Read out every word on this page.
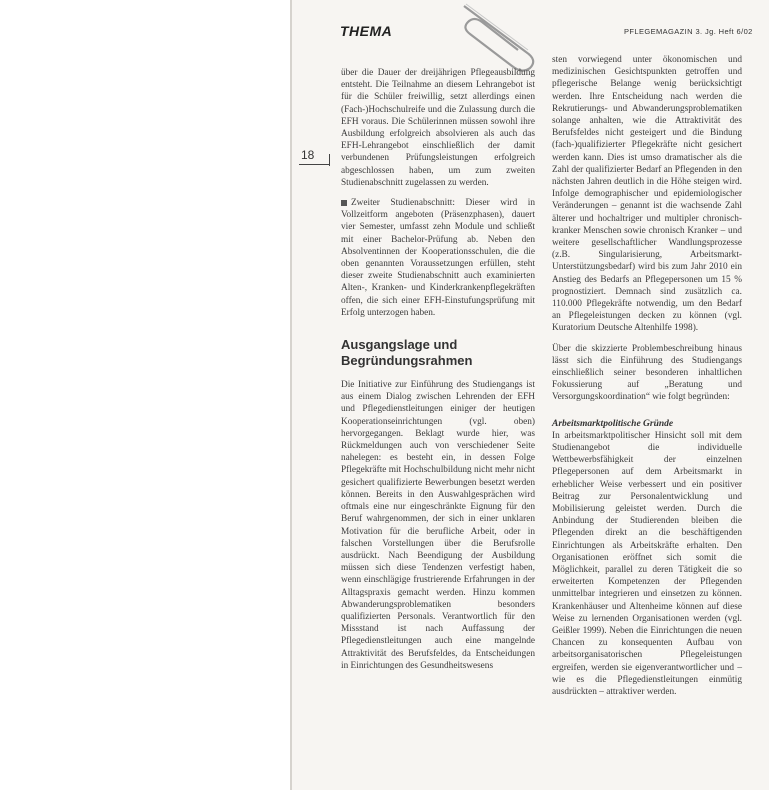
THEMA	PFLEGEMAGAZIN 3. Jg. Heft 6/02
18

über die Dauer der dreijährigen Pflegeausbildung entsteht. Die Teilnahme an diesem Lehrangebot ist für die Schüler freiwillig, setzt allerdings einen (Fach-)Hochschulreife und die Zulassung durch die EFH voraus. Die Schülerinnen müssen sowohl ihre Ausbildung erfolgreich absolvieren als auch das EFH-Lehrangebot einschließlich der damit verbundenen Prüfungsleistungen erfolgreich abgeschlossen haben, um zum zweiten Studienabschnitt zugelassen zu werden.

Zweiter Studienabschnitt: Dieser wird in Vollzeitform angeboten (Präsenzphasen), dauert vier Semester, umfasst zehn Module und schließt mit einer Bachelor-Prüfung ab. Neben den Absolventinnen der Kooperationsschulen, die die oben genannten Voraussetzungen erfüllen, steht dieser zweite Studienabschnitt auch examinierten Alten-, Kranken- und Kinderkrankenpflegekräften offen, die sich einer EFH-Einstufungsprüfung mit Erfolg unterzogen haben.

Ausgangslage und Begründungsrahmen

Die Initiative zur Einführung des Studiengangs ist aus einem Dialog zwischen Lehrenden der EFH und Pflegedienstleitungen einiger der heutigen Kooperationseinrichtungen (vgl. oben) hervorgegangen. Beklagt wurde hier, was Rückmeldungen auch von verschiedener Seite nahelegen: es besteht ein, in dessen Folge Pflegekräfte mit Hochschulbildung nicht mehr nicht gesichert qualifizierte Bewerbungen besetzt werden können. Bereits in den Auswahlgesprächen wird oftmals eine nur eingeschränkte Eignung für den Beruf wahrgenommen, der sich in einer unklaren Motivation für die berufliche Arbeit, oder in falschen Vorstellungen über die Berufsrolle ausdrückt. Nach Beendigung der Ausbildung müssen sich diese Tendenzen verfestigt haben, wenn einschlägige frustrierende Erfahrungen in der Alltagspraxis gemacht werden. Hinzu kommen Abwanderungsproblematiken besonders qualifizierten Personals. Verantwortlich für den Missstand ist nach Auffassung der Pflegedienstleitungen auch eine mangelnde Attraktivität des Berufsfeldes, da Entscheidungen in Einrichtungen des Gesundheitswesens

sten vorwiegend unter ökonomischen und medizinischen Gesichtspunkten getroffen und pflegerische Belange wenig berücksichtigt werden. Ihre Entscheidung nach werden die Rekrutierungs- und Abwanderungsproblematiken solange anhalten, wie die Attraktivität des Berufsfeldes nicht gesteigert und die Bindung (fach-)qualifizierter Pflegekräfte nicht gesichert werden kann. Dies ist umso dramatischer als die Zahl der qualifizierter Bedarf an Pflegenden in den nächsten Jahren deutlich in die Höhe steigen wird. Infolge demographischer und epidemiologischer Veränderungen – genannt ist die wachsende Zahl älterer und hochaltriger und multipler chronisch-kranker Menschen sowie chronisch Kranker – und weitere gesellschaftlicher Wandlungsprozesse (z.B. Singularisierung, Arbeitsmarkt-Unterstützungsbedarf) wird bis zum Jahr 2010 ein Anstieg des Bedarfs an Pflegepersonen um 15 % prognostiziert. Demnach sind zusätzlich ca. 110.000 Pflegekräfte notwendig, um den Bedarf an Pflegeleistungen decken zu können (vgl. Kuratorium Deutsche Altenhilfe 1998).

Über die skizzierte Problembeschreibung hinaus lässt sich die Einführung des Studiengangs einschließlich seiner besonderen inhaltlichen Fokussierung auf „Beratung und Versorgungskoordination“ wie folgt begründen:

Arbeitsmarktpolitische Gründe

In arbeitsmarktpolitischer Hinsicht soll mit dem Studienangebot die individuelle Wettbewerbsfähigkeit der einzelnen Pflegepersonen auf dem Arbeitsmarkt in erheblicher Weise verbessert und ein positiver Beitrag zur Personalentwicklung und Mobilisierung geleistet werden. Durch die Anbindung der Studierenden bleiben die Pflegenden direkt an die beschäftigenden Einrichtungen als Arbeitskräfte erhalten. Den Organisationen eröffnet sich somit die Möglichkeit, parallel zu deren Tätigkeit die so erweiterten Kompetenzen der Pflegenden unmittelbar integrieren und einsetzen zu können. Krankenhäuser und Altenheime können auf diese Weise zu lernenden Organisationen werden (vgl. Geißler 1999). Neben die Einrichtungen die neuen Chancen zu konsequenten Aufbau von arbeitsorganisatorischen Pflegeleistungen ergreifen, werden sie eigenverantwortlicher und – wie es die Pflegedienstleitungen einmütig ausdrückten – attraktiver werden.
